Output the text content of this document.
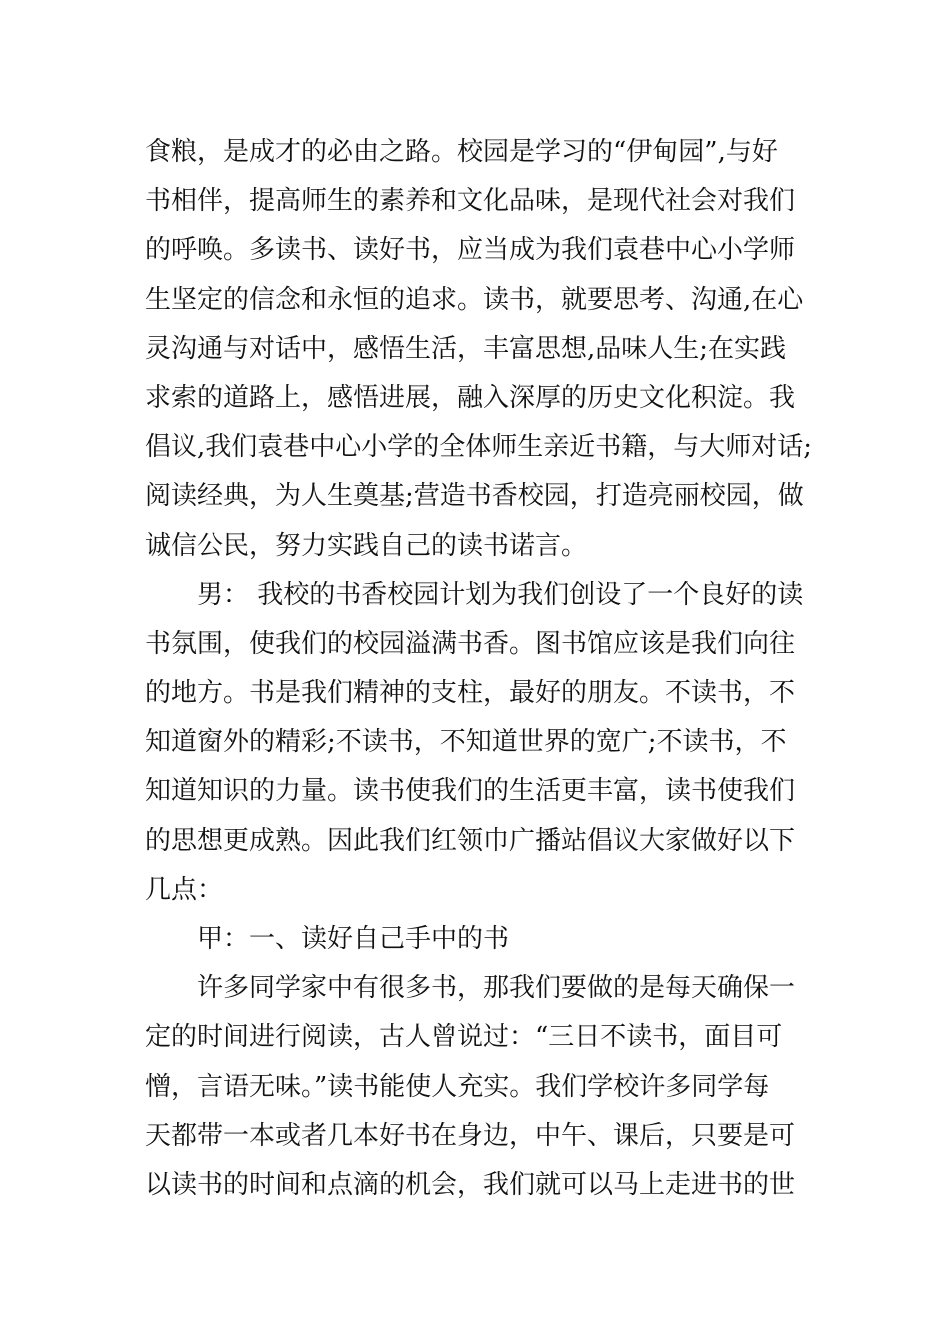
食粮，是成才的必由之路。校园是学习的“伊甸园”,与好
书相伴，提高师生的素养和文化品味，是现代社会对我们
的呼唤。多读书、读好书，应当成为我们袁巷中心小学师
生坚定的信念和永恒的追求。读书，就要思考、沟通,在心
灵沟通与对话中，感悟生活，丰富思想,品味人生;在实践
求索的道路上，感悟进展，融入深厚的历史文化积淀。我
倡议,我们袁巷中心小学的全体师生亲近书籍，与大师对话;
阅读经典，为人生奠基;营造书香校园，打造亮丽校园，做
诚信公民，努力实践自己的读书诺言。
男： 我校的书香校园计划为我们创设了一个良好的读
书氛围，使我们的校园溢满书香。图书馆应该是我们向往
的地方。书是我们精神的支柱，最好的朋友。不读书，不
知道窗外的精彩;不读书，不知道世界的宽广;不读书，不
知道知识的力量。读书使我们的生活更丰富，读书使我们
的思想更成熟。因此我们红领巾广播站倡议大家做好以下
几点：
甲：一、读好自己手中的书
许多同学家中有很多书，那我们要做的是每天确保一
定的时间进行阅读，古人曾说过：“三日不读书，面目可
憎，言语无味。”读书能使人充实。我们学校许多同学每
天都带一本或者几本好书在身边，中午、课后，只要是可
以读书的时间和点滴的机会，我们就可以马上走进书的世
